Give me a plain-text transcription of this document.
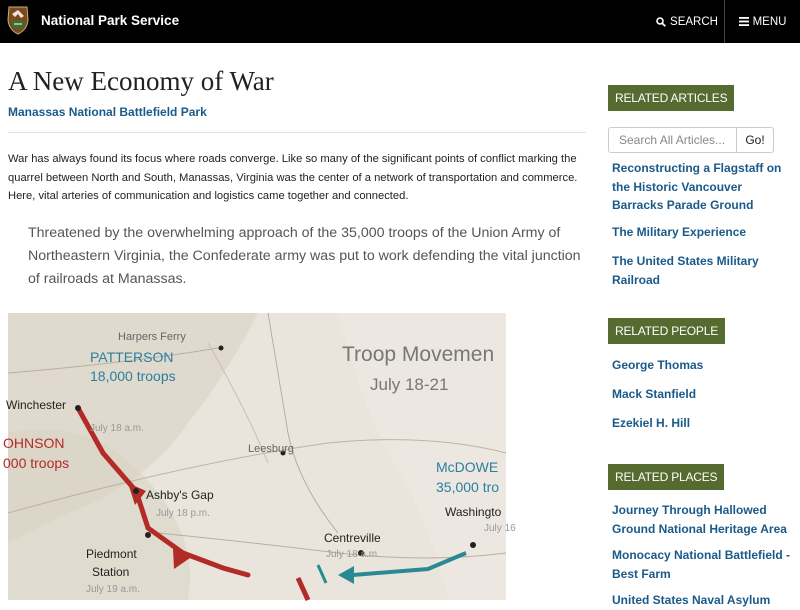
National Park Service	SEARCH	MENU
A New Economy of War
Manassas National Battlefield Park

War has always found its focus where roads converge. Like so many of the significant points of conflict marking the quarrel between North and South, Manassas, Virginia was the center of a network of transportation and commerce. Here, vital arteries of communication and logistics came together and connected.

Threatened by the overwhelming approach of the 35,000 troops of the Union Army of Northeastern Virginia, the Confederate army was put to work defending the vital junction of railroads at Manassas.
Harpers Ferry
PATTERSON
18,000 troops
Troop Movemen
July 18-21
Winchester
July 18 a.m.
OHNSON
000 troops
Leesburg
McDOWE
35,000 tro
Ashby's Gap
July 18 p.m.	Washingto
July 16
Centreville
July 18 a.m.
Piedmont
Station
July 19 a.m.
RELATED ARTICLES
Search All Articles...
Go!
Reconstructing a Flagstaff on the Historic Vancouver Barracks Parade Ground
The Military Experience
The United States Military Railroad
RELATED PEOPLE
George Thomas
Mack Stanfield
Ezekiel H. Hill
RELATED PLACES
Journey Through Hallowed Ground National Heritage Area
Monocacy National Battlefield - Best Farm
United States Naval Asylum
